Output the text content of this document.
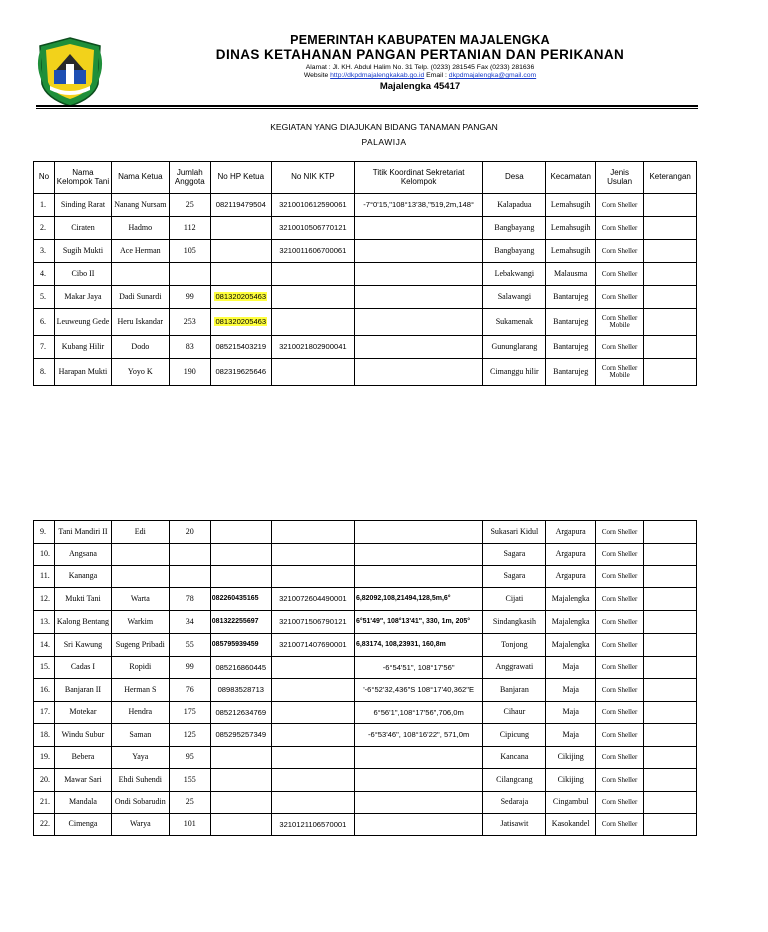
PEMERINTAH KABUPATEN MAJALENGKA
DINAS KETAHANAN PANGAN PERTANIAN DAN PERIKANAN
Alamat : Jl. KH. Abdul Halim No. 31 Telp. (0233) 281545 Fax (0233) 281636
Website http://dkpdmajalengkakab.go.id Email : dkpdmajalengka@gmail.com
Majalengka 45417
KEGIATAN YANG DIAJUKAN BIDANG TANAMAN PANGAN
PALAWIJA
No	Nama Kelompok Tani	Nama Ketua	Jumlah Anggota	No HP Ketua	No NIK KTP	Titik Koordinat Sekretariat Kelompok	Desa	Kecamatan	Jenis Usulan	Keterangan
1.	Sinding Rarat	Nanang Nursam	25	082119479504	3210010612590061	-7°0'15,"108°13'38,"519,2m,148°	Kalapadua	Lemahsugih	Corn Sheller	
2.	Ciraten	Hadmo	112		3210010506770121		Bangbayang	Lemahsugih	Corn Sheller	
3.	Sugih Mukti	Ace Herman	105		3210011606700061		Bangbayang	Lemahsugih	Corn Sheller	
4.	Cibo II						Lebakwangi	Malausma	Corn Sheller	
5.	Makar Jaya	Dadi Sunardi	99	081320205463			Salawangi	Bantarujeg	Corn Sheller	
6.	Leuweung Gede	Heru Iskandar	253	081320205463			Sukamenak	Bantarujeg	Corn Sheller Mobile	
7.	Kubang Hilir	Dodo	83	085215403219	3210021802900041		Gununglarang	Bantarujeg	Corn Sheller	
8.	Harapan Mukti	Yoyo K	190	082319625646			Cimanggu hilir	Bantarujeg	Corn Sheller Mobile	
9.	Tani Mandiri II	Edi	20				Sukasari Kidul	Argapura	Corn Sheller	
10.	Angsana						Sagara	Argapura	Corn Sheller	
11.	Kananga						Sagara	Argapura	Corn Sheller	
12.	Mukti Tani	Warta	78	082260435165	3210072604490001	6,82092,108,21494,128,5m,6°	Cijati	Majalengka	Corn Sheller	
13.	Kalong Bentang	Warkim	34	081322255697	3210071506790121	6°51'49", 108°13'41", 330, 1m, 205°	Sindangkasih	Majalengka	Corn Sheller	
14.	Sri Kawung	Sugeng Pribadi	55	085795939459	3210071407690001	6,83174, 108,23931, 160,8m	Tonjong	Majalengka	Corn Sheller	
15.	Cadas I	Ropidi	99	085216860445		-6°54'51", 108°17'56"	Anggrawati	Maja	Corn Sheller	
16.	Banjaran II	Herman S	76	08983528713		'-6°52'32,436"S 108°17'40,362"E	Banjaran	Maja	Corn Sheller	
17.	Motekar	Hendra	175	085212634769		6°56'1",108°17'56",706,0m	Cihaur	Maja	Corn Sheller	
18.	Windu Subur	Saman	125	085295257349		-6°53'46", 108°16'22", 571,0m	Cipicung	Maja	Corn Sheller	
19.	Bebera	Yaya	95				Kancana	Cikijing	Corn Sheller	
20.	Mawar Sari	Ehdi Suhendi	155				Cilangcang	Cikijing	Corn Sheller	
21.	Mandala	Ondi Sobarudin	25				Sedaraja	Cingambul	Corn Sheller	
22.	Cimenga	Warya	101		3210121106570001		Jatisawit	Kasokandel	Corn Sheller	
